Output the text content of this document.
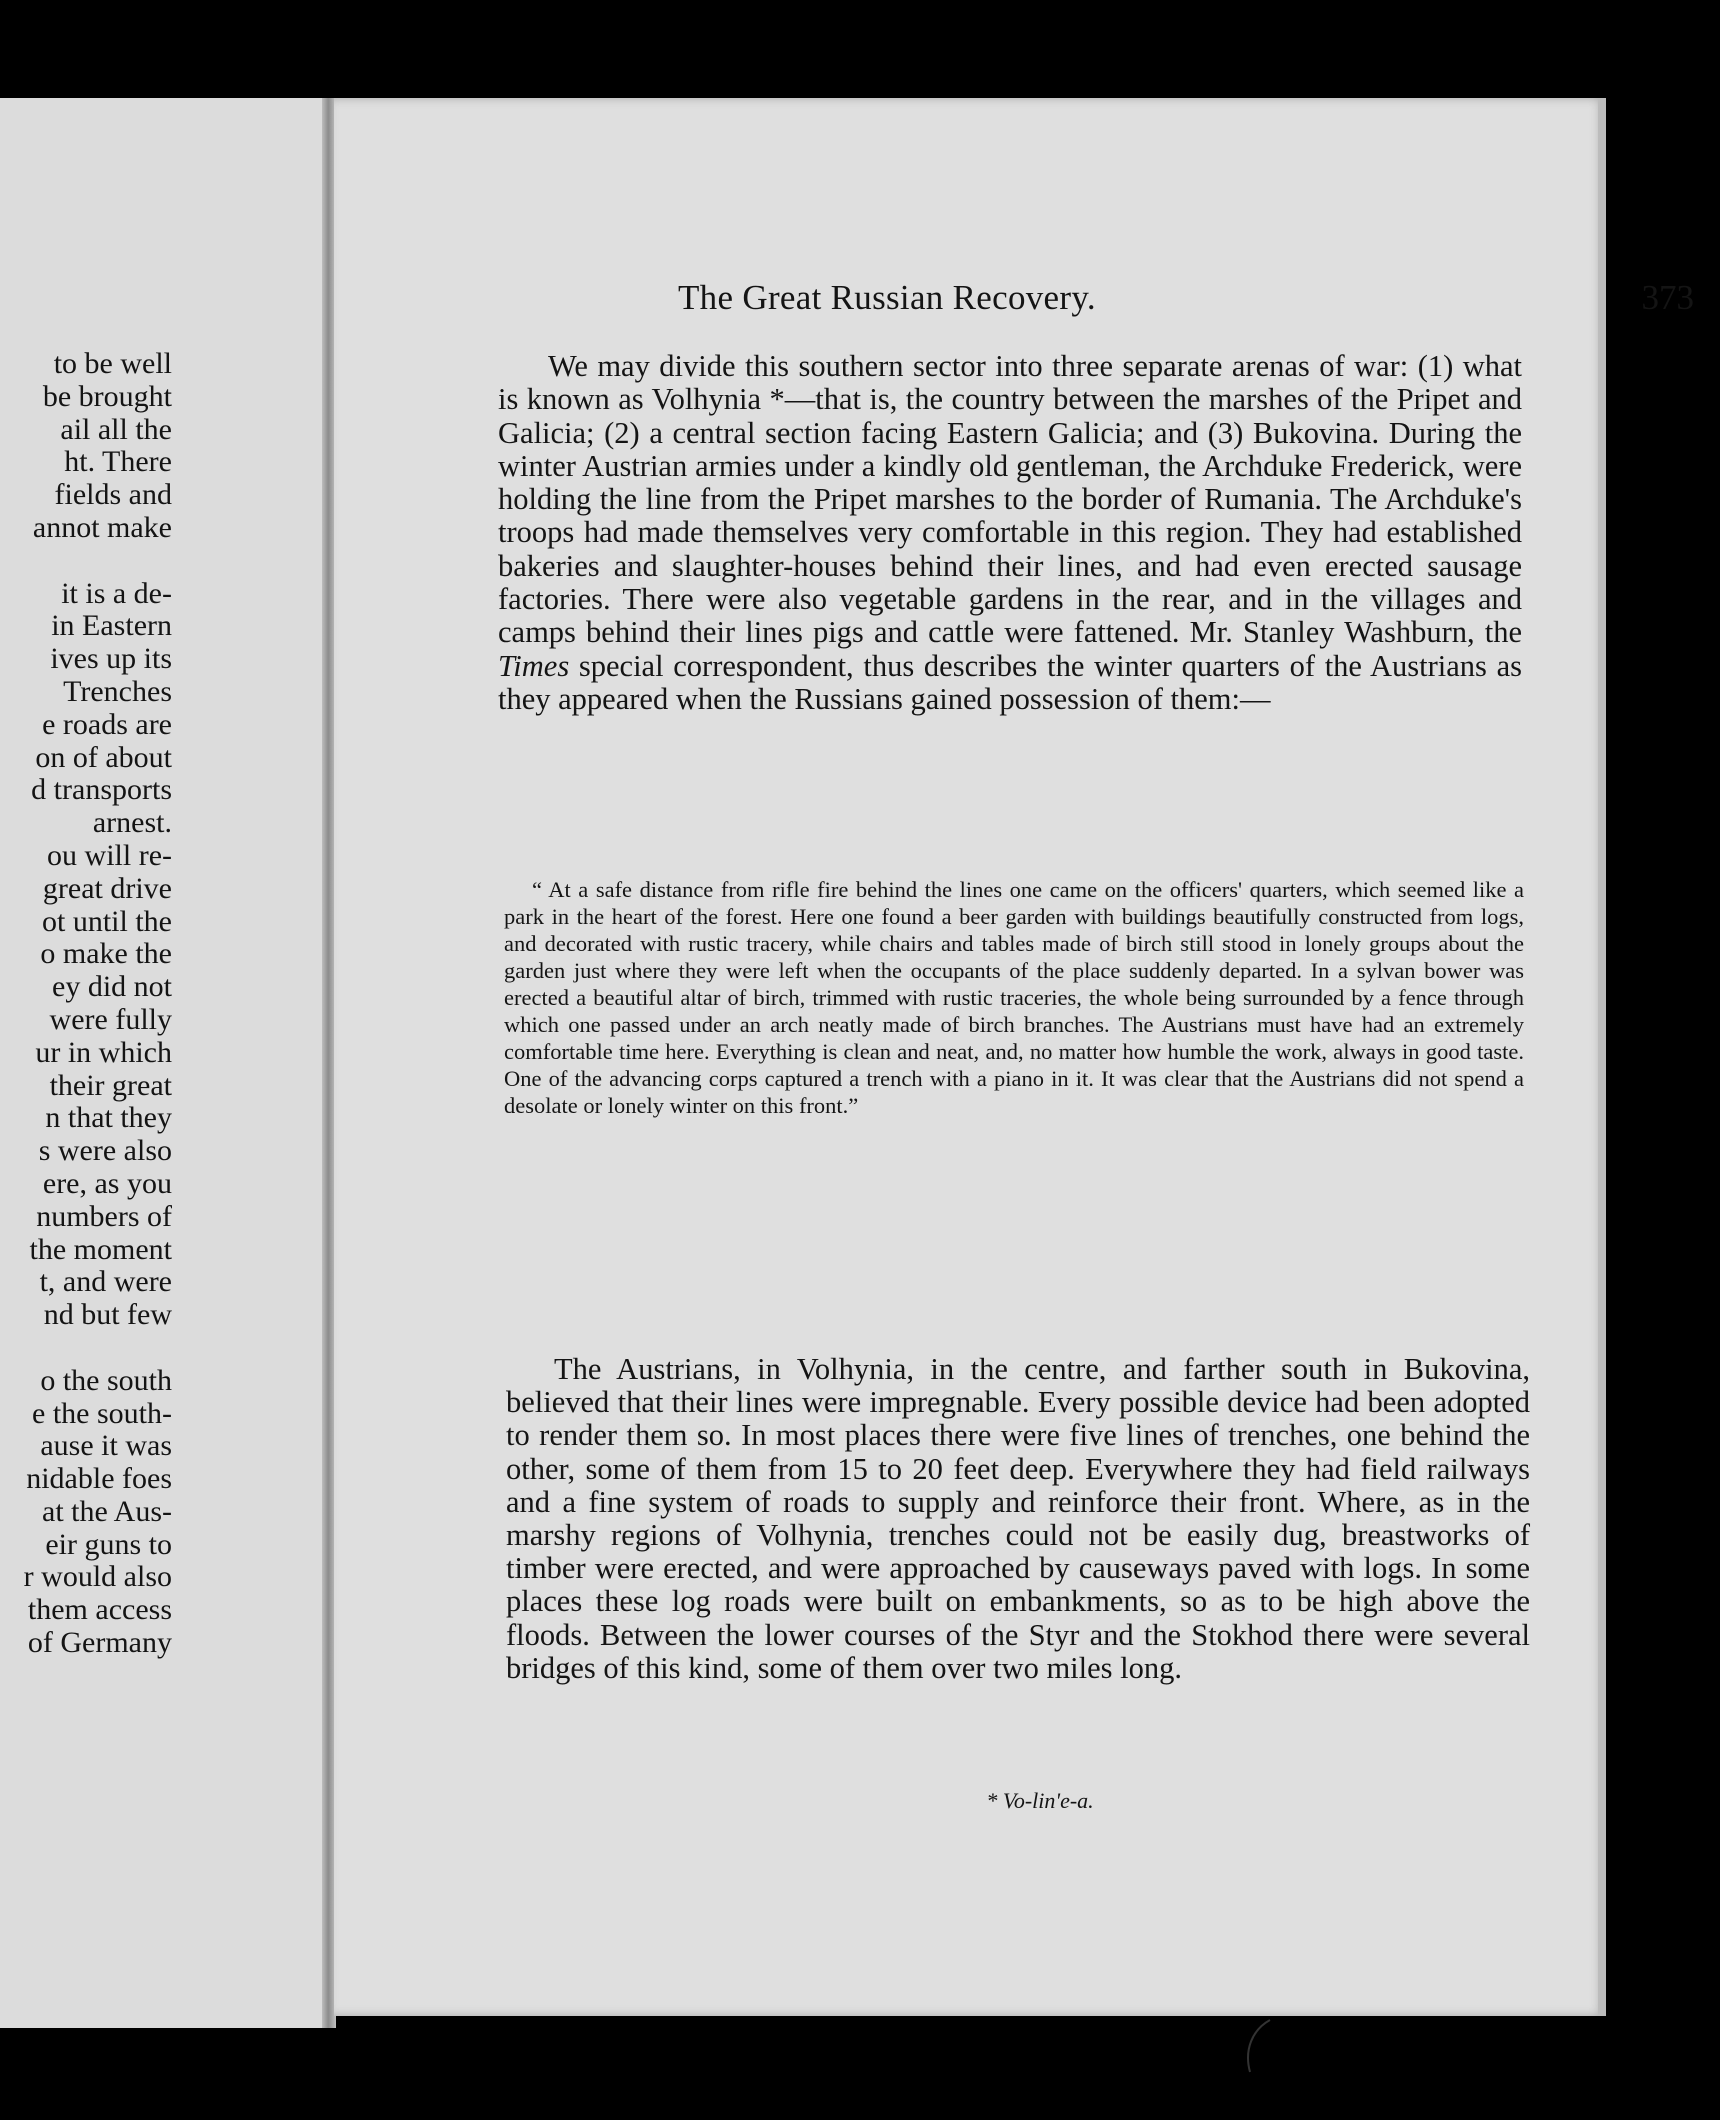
to be well
be brought
ail all the
ht. There
fields and
annot make
it is a de-
in Eastern
ives up its
Trenches
e roads are
on of about
d transports
arnest.
ou will re-
great drive
ot until the
o make the
ey did not
were fully
ur in which
their great
n that they
s were also
ere, as you
numbers of
the moment
t, and were
nd but few
o the south
e the south-
ause it was
nidable foes
at the Aus-
eir guns to
r would also
them access
of Germany
The Great Russian Recovery.	373

We may divide this southern sector into three separate arenas of war: (1) what is known as Volhynia *—that is, the country between the marshes of the Pripet and Galicia; (2) a central section facing Eastern Galicia; and (3) Bukovina. During the winter Austrian armies under a kindly old gentleman, the Archduke Frederick, were holding the line from the Pripet marshes to the border of Rumania. The Archduke's troops had made themselves very comfortable in this region. They had established bakeries and slaughter-houses behind their lines, and had even erected sausage factories. There were also vegetable gardens in the rear, and in the villages and camps behind their lines pigs and cattle were fattened. Mr. Stanley Washburn, the Times special correspondent, thus describes the winter quarters of the Austrians as they appeared when the Russians gained possession of them:—

“ At a safe distance from rifle fire behind the lines one came on the officers' quarters, which seemed like a park in the heart of the forest. Here one found a beer garden with buildings beautifully constructed from logs, and decorated with rustic tracery, while chairs and tables made of birch still stood in lonely groups about the garden just where they were left when the occupants of the place suddenly departed. In a sylvan bower was erected a beautiful altar of birch, trimmed with rustic traceries, the whole being surrounded by a fence through which one passed under an arch neatly made of birch branches. The Austrians must have had an extremely comfortable time here. Everything is clean and neat, and, no matter how humble the work, always in good taste. One of the advancing corps captured a trench with a piano in it. It was clear that the Austrians did not spend a desolate or lonely winter on this front.”

The Austrians, in Volhynia, in the centre, and farther south in Bukovina, believed that their lines were impregnable. Every possible device had been adopted to render them so. In most places there were five lines of trenches, one behind the other, some of them from 15 to 20 feet deep. Everywhere they had field railways and a fine system of roads to supply and reinforce their front. Where, as in the marshy regions of Volhynia, trenches could not be easily dug, breastworks of timber were erected, and were approached by causeways paved with logs. In some places these log roads were built on embankments, so as to be high above the floods. Between the lower courses of the Styr and the Stokhod there were several bridges of this kind, some of them over two miles long.

* Vo-lin'e-a.
